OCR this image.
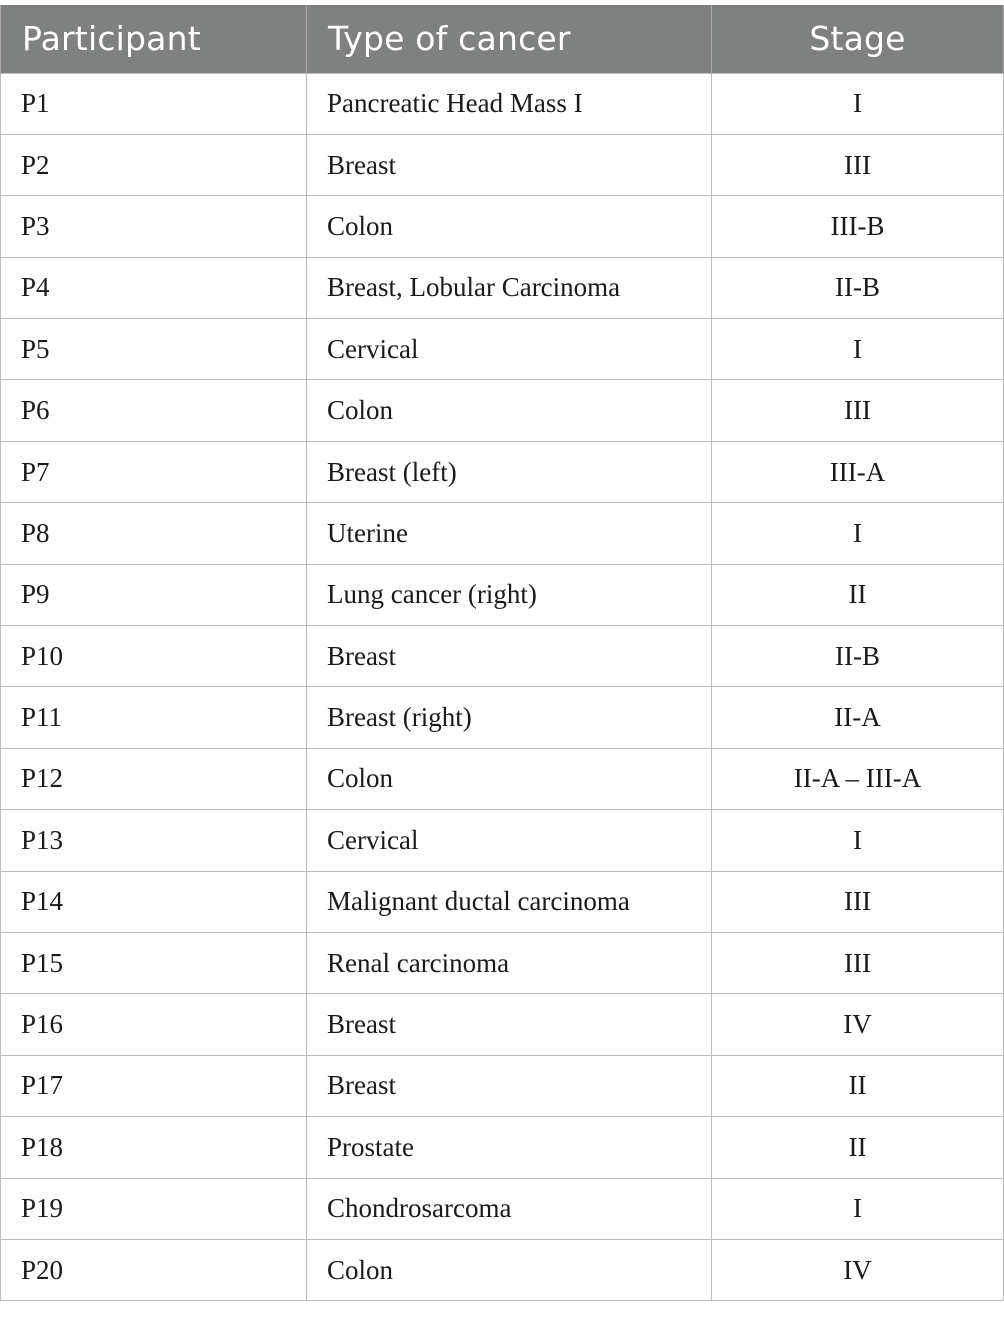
Participant	Type of cancer	Stage
P1	Pancreatic Head Mass I	I
P2	Breast	III
P3	Colon	III-B
P4	Breast, Lobular Carcinoma	II-B
P5	Cervical	I
P6	Colon	III
P7	Breast (left)	III-A
P8	Uterine	I
P9	Lung cancer (right)	II
P10	Breast	II-B
P11	Breast (right)	II-A
P12	Colon	II-A – III-A
P13	Cervical	I
P14	Malignant ductal carcinoma	III
P15	Renal carcinoma	III
P16	Breast	IV
P17	Breast	II
P18	Prostate	II
P19	Chondrosarcoma	I
P20	Colon	IV
